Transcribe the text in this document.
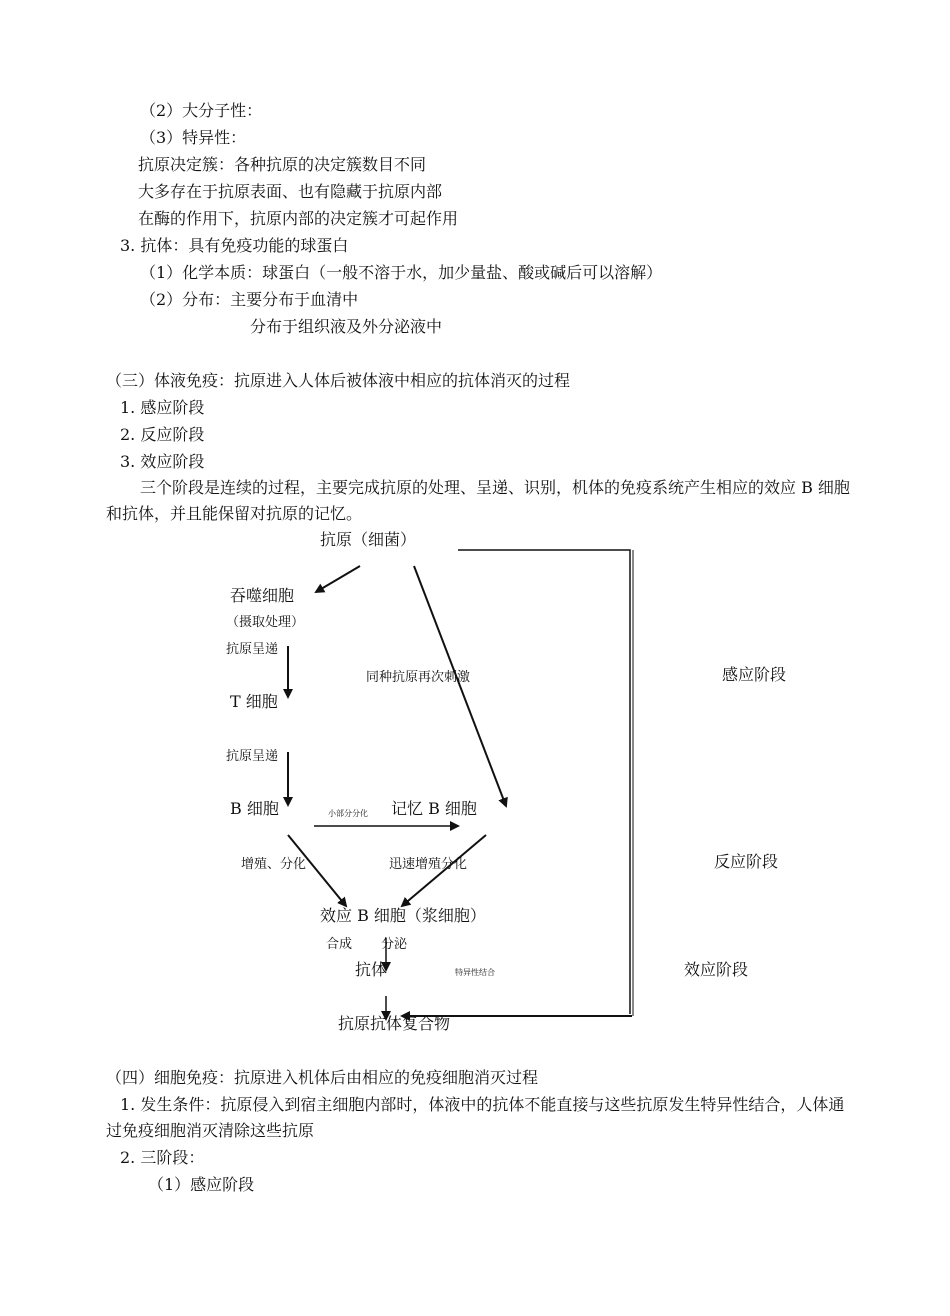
（2）大分子性：
（3）特异性：
抗原决定簇：各种抗原的决定簇数目不同
大多存在于抗原表面、也有隐藏于抗原内部
在酶的作用下，抗原内部的决定簇才可起作用
3. 抗体：具有免疫功能的球蛋白
（1）化学本质：球蛋白（一般不溶于水，加少量盐、酸或碱后可以溶解）
（2）分布：主要分布于血清中
分布于组织液及外分泌液中
（三）体液免疫：抗原进入人体后被体液中相应的抗体消灭的过程
1. 感应阶段
2. 反应阶段
3. 效应阶段
三个阶段是连续的过程，主要完成抗原的处理、呈递、识别，机体的免疫系统产生相应的效应 B 细胞和抗体，并且能保留对抗原的记忆。
抗原（细菌）
吞噬细胞
（摄取处理）
抗原呈递
同种抗原再次刺激
T 细胞
抗原呈递
B 细胞	小部分分化 记忆 B 细胞
增殖、分化	迅速增殖分化
效应 B 细胞（浆细胞）
合成 分泌
抗体	特异性结合
抗原抗体复合物
感应阶段
反应阶段
效应阶段
（四）细胞免疫：抗原进入机体后由相应的免疫细胞消灭过程
1. 发生条件：抗原侵入到宿主细胞内部时，体液中的抗体不能直接与这些抗原发生特异性结合，人体通过免疫细胞消灭清除这些抗原
2. 三阶段：
（1）感应阶段
